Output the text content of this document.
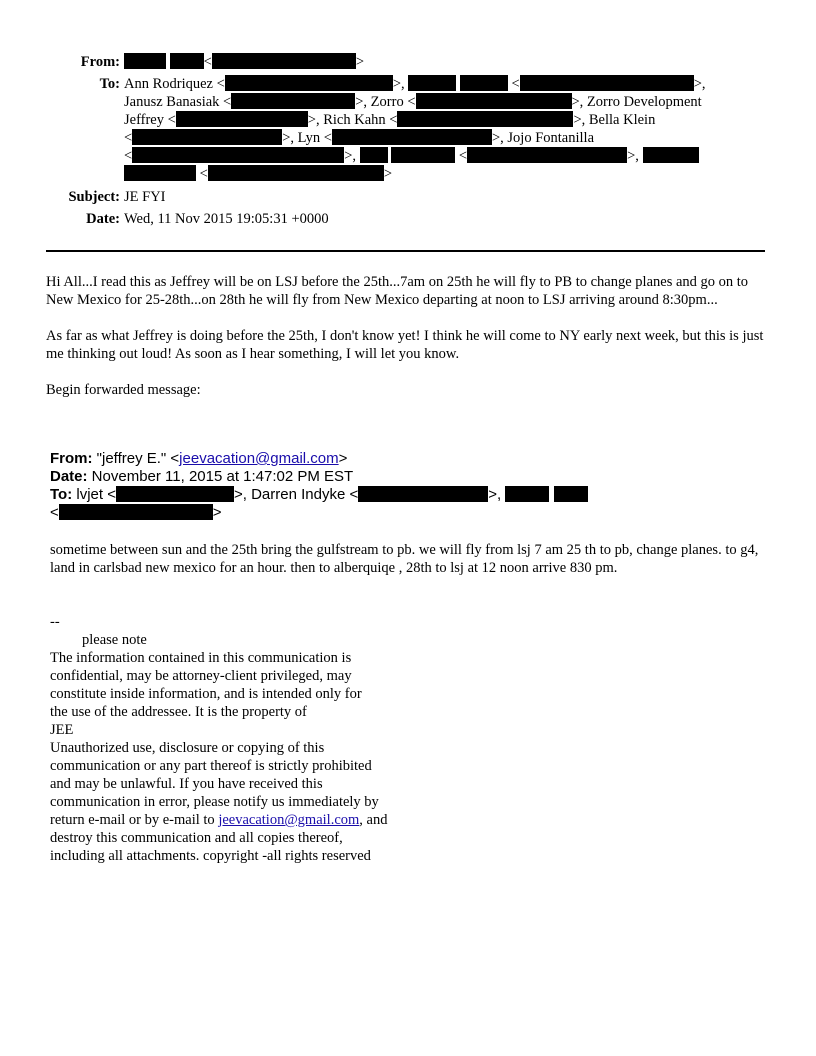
From:	<	>
To: Ann Rodriquez <	>,	<	>,
Janusz Banasiak <	>, Zorro <	>, Zorro Development
Jeffrey <	>, Rich Kahn <	>, Bella Klein
<	>, Lyn <	>, Jojo Fontanilla
<	>,	<	>,
<	>
Subject: JE FYI
Date: Wed, 11 Nov 2015 19:05:31 +0000

Hi All...I read this as Jeffrey will be on LSJ before the 25th...7am on 25th he will fly to PB to change planes and go on to New Mexico for 25-28th...on 28th he will fly from New Mexico departing at noon to LSJ arriving around 8:30pm...

As far as what Jeffrey is doing before the 25th, I don't know yet! I think he will come to NY early next week, but this is just me thinking out loud! As soon as I hear something, I will let you know.

Begin forwarded message:

From: "jeffrey E." <jeevacation@gmail.com>
Date: November 11, 2015 at 1:47:02 PM EST
To: lvjet <	>, Darren Indyke <	>,
<	>
sometime between sun and the 25th bring the gulfstream to pb. we will fly from lsj 7 am 25 th to pb, change planes. to g4, land in carlsbad new mexico for an hour. then to alberquiqe , 28th to lsj at 12 noon arrive 830 pm.
--
please note
The information contained in this communication is
confidential, may be attorney-client privileged, may
constitute inside information, and is intended only for
the use of the addressee. It is the property of
JEE
Unauthorized use, disclosure or copying of this
communication or any part thereof is strictly prohibited
and may be unlawful. If you have received this
communication in error, please notify us immediately by
return e-mail or by e-mail to jeevacation@gmail.com, and
destroy this communication and all copies thereof,
including all attachments. copyright -all rights reserved
